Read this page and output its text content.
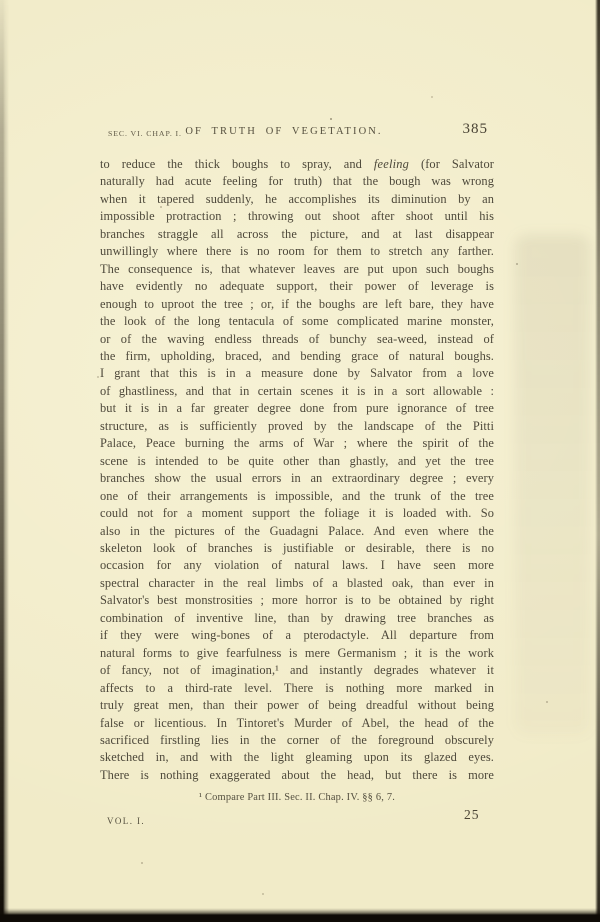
SEC. VI. CHAP. I. OF TRUTH OF VEGETATION.	385
to reduce the thick boughs to spray, and feeling (for Salvator
naturally had acute feeling for truth) that the bough was wrong
when it tapered suddenly, he accomplishes its diminution by an
impossible protraction ; throwing out shoot after shoot until his
branches straggle all across the picture, and at last disappear
unwillingly where there is no room for them to stretch any farther.
The consequence is, that whatever leaves are put upon such boughs
have evidently no adequate support, their power of leverage is
enough to uproot the tree ; or, if the boughs are left bare, they have
the look of the long tentacula of some complicated marine monster,
or of the waving endless threads of bunchy sea-weed, instead of
the firm, upholding, braced, and bending grace of natural boughs.
I grant that this is in a measure done by Salvator from a love
of ghastliness, and that in certain scenes it is in a sort allowable :
but it is in a far greater degree done from pure ignorance of tree
structure, as is sufficiently proved by the landscape of the Pitti
Palace, Peace burning the arms of War ; where the spirit of the
scene is intended to be quite other than ghastly, and yet the tree
branches show the usual errors in an extraordinary degree ; every
one of their arrangements is impossible, and the trunk of the tree
could not for a moment support the foliage it is loaded with. So
also in the pictures of the Guadagni Palace. And even where the
skeleton look of branches is justifiable or desirable, there is no
occasion for any violation of natural laws. I have seen more
spectral character in the real limbs of a blasted oak, than ever in
Salvator's best monstrosities ; more horror is to be obtained by right
combination of inventive line, than by drawing tree branches as
if they were wing-bones of a pterodactyle. All departure from
natural forms to give fearfulness is mere Germanism ; it is the work
of fancy, not of imagination,¹ and instantly degrades whatever it
affects to a third-rate level. There is nothing more marked in
truly great men, than their power of being dreadful without being
false or licentious. In Tintoret's Murder of Abel, the head of the
sacrificed firstling lies in the corner of the foreground obscurely
sketched in, and with the light gleaming upon its glazed eyes.
There is nothing exaggerated about the head, but there is more
¹ Compare Part III. Sec. II. Chap. IV. §§ 6, 7.
VOL. I.	25
